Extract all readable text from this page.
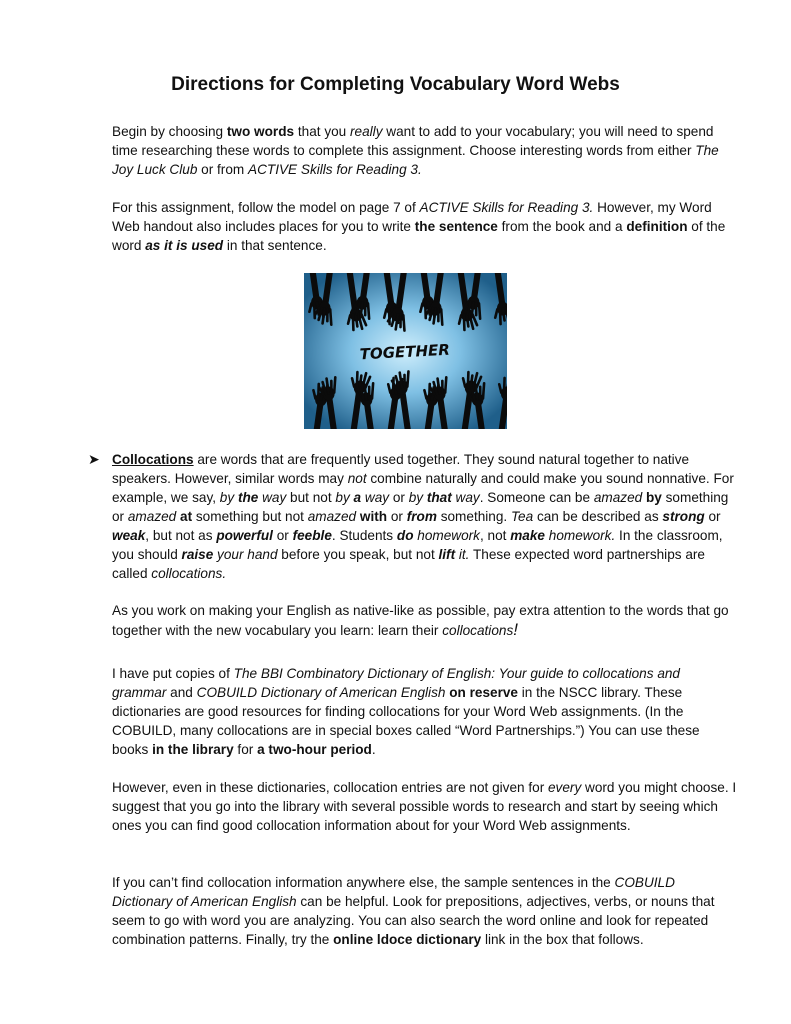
Directions for Completing Vocabulary Word Webs

Begin by choosing two words that you really want to add to your vocabulary; you will need to spend time researching these words to complete this assignment. Choose interesting words from either The Joy Luck Club or from ACTIVE Skills for Reading 3.

For this assignment, follow the model on page 7 of ACTIVE Skills for Reading 3. However, my Word Web handout also includes places for you to write the sentence from the book and a definition of the word as it is used in that sentence.

TOGETHER
➤ Collocations are words that are frequently used together. They sound natural together to native speakers. However, similar words may not combine naturally and could make you sound nonnative. For example, we say, by the way but not by a way or by that way. Someone can be amazed by something or amazed at something but not amazed with or from something. Tea can be described as strong or weak, but not as powerful or feeble. Students do homework, not make homework. In the classroom, you should raise your hand before you speak, but not lift it. These expected word partnerships are called collocations.

As you work on making your English as native-like as possible, pay extra attention to the words that go together with the new vocabulary you learn: learn their collocations!

I have put copies of The BBI Combinatory Dictionary of English: Your guide to collocations and grammar and COBUILD Dictionary of American English on reserve in the NSCC library. These dictionaries are good resources for finding collocations for your Word Web assignments. (In the COBUILD, many collocations are in special boxes called “Word Partnerships.”) You can use these books in the library for a two-hour period.

However, even in these dictionaries, collocation entries are not given for every word you might choose. I suggest that you go into the library with several possible words to research and start by seeing which ones you can find good collocation information about for your Word Web assignments.

If you can’t find collocation information anywhere else, the sample sentences in the COBUILD Dictionary of American English can be helpful. Look for prepositions, adjectives, verbs, or nouns that seem to go with word you are analyzing. You can also search the word online and look for repeated combination patterns. Finally, try the online ldoce dictionary link in the box that follows.
